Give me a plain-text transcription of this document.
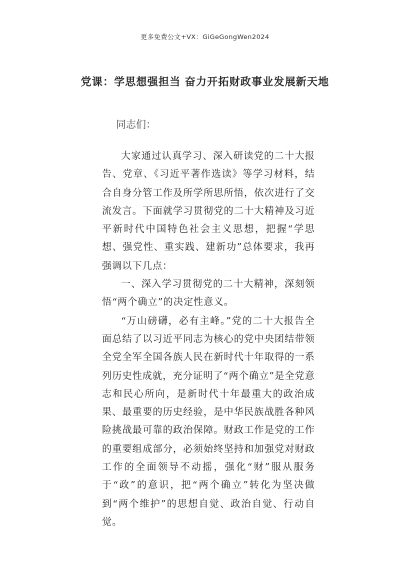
更多免费公文+VX：GiGeGongWen2024
党课：学思想强担当 奋力开拓财政事业发展新天地

同志们：

大家通过认真学习、深入研读党的二十大报告、党章、《习近平著作选读》等学习材料，结合自身分管工作及所学所思所悟，依次进行了交流发言。下面就学习贯彻党的二十大精神及习近平新时代中国特色社会主义思想，把握“学思想、强党性、重实践、建新功”总体要求，我再强调以下几点：

一、深入学习贯彻党的二十大精神，深刻领悟“两个确立”的决定性意义。

“万山磅礴，必有主峰。”党的二十大报告全面总结了以习近平同志为核心的党中央团结带领全党全军全国各族人民在新时代十年取得的一系列历史性成就，充分证明了“两个确立”是全党意志和民心所向，是新时代十年最重大的政治成果、最重要的历史经验，是中华民族战胜各种风险挑战最可靠的政治保障。财政工作是党的工作的重要组成部分，必须始终坚持和加强党对财政工作的全面领导不动摇，强化“财”服从服务于“政”的意识，把“两个确立”转化为坚决做到“两个维护”的思想自觉、政治自觉、行动自觉。
